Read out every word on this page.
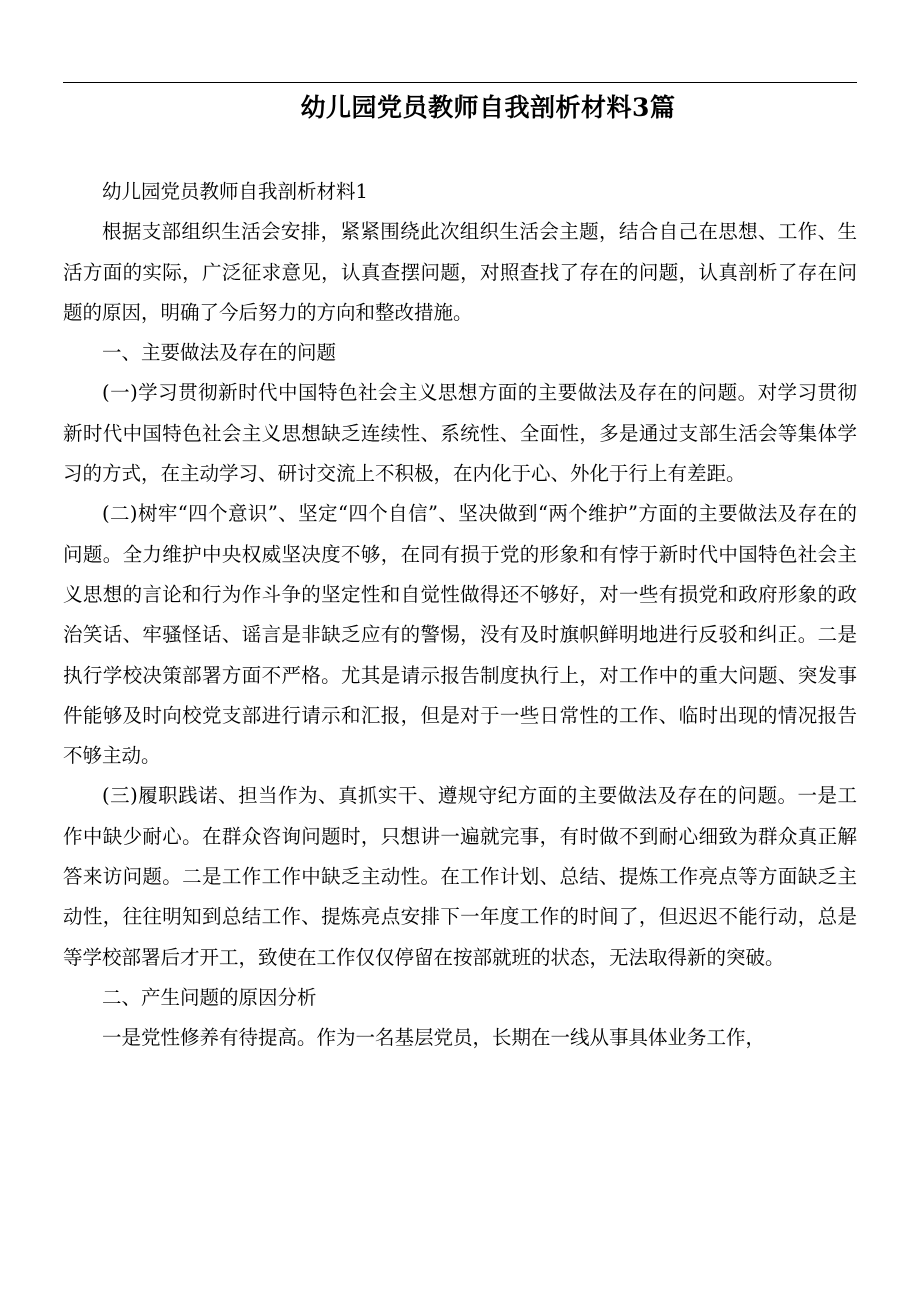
幼儿园党员教师自我剖析材料3篇

幼儿园党员教师自我剖析材料1

根据支部组织生活会安排，紧紧围绕此次组织生活会主题，结合自己在思想、工作、生活方面的实际，广泛征求意见，认真查摆问题，对照查找了存在的问题，认真剖析了存在问题的原因，明确了今后努力的方向和整改措施。

一、主要做法及存在的问题

(一)学习贯彻新时代中国特色社会主义思想方面的主要做法及存在的问题。对学习贯彻新时代中国特色社会主义思想缺乏连续性、系统性、全面性，多是通过支部生活会等集体学习的方式，在主动学习、研讨交流上不积极，在内化于心、外化于行上有差距。

(二)树牢“四个意识”、坚定“四个自信”、坚决做到“两个维护”方面的主要做法及存在的问题。全力维护中央权威坚决度不够，在同有损于党的形象和有悖于新时代中国特色社会主义思想的言论和行为作斗争的坚定性和自觉性做得还不够好，对一些有损党和政府形象的政治笑话、牢骚怪话、谣言是非缺乏应有的警惕，没有及时旗帜鲜明地进行反驳和纠正。二是执行学校决策部署方面不严格。尤其是请示报告制度执行上，对工作中的重大问题、突发事件能够及时向校党支部进行请示和汇报，但是对于一些日常性的工作、临时出现的情况报告不够主动。

(三)履职践诺、担当作为、真抓实干、遵规守纪方面的主要做法及存在的问题。一是工作中缺少耐心。在群众咨询问题时，只想讲一遍就完事，有时做不到耐心细致为群众真正解答来访问题。二是工作工作中缺乏主动性。在工作计划、总结、提炼工作亮点等方面缺乏主动性，往往明知到总结工作、提炼亮点安排下一年度工作的时间了，但迟迟不能行动，总是等学校部署后才开工，致使在工作仅仅停留在按部就班的状态，无法取得新的突破。

二、产生问题的原因分析

一是党性修养有待提高。作为一名基层党员，长期在一线从事具体业务工作，
